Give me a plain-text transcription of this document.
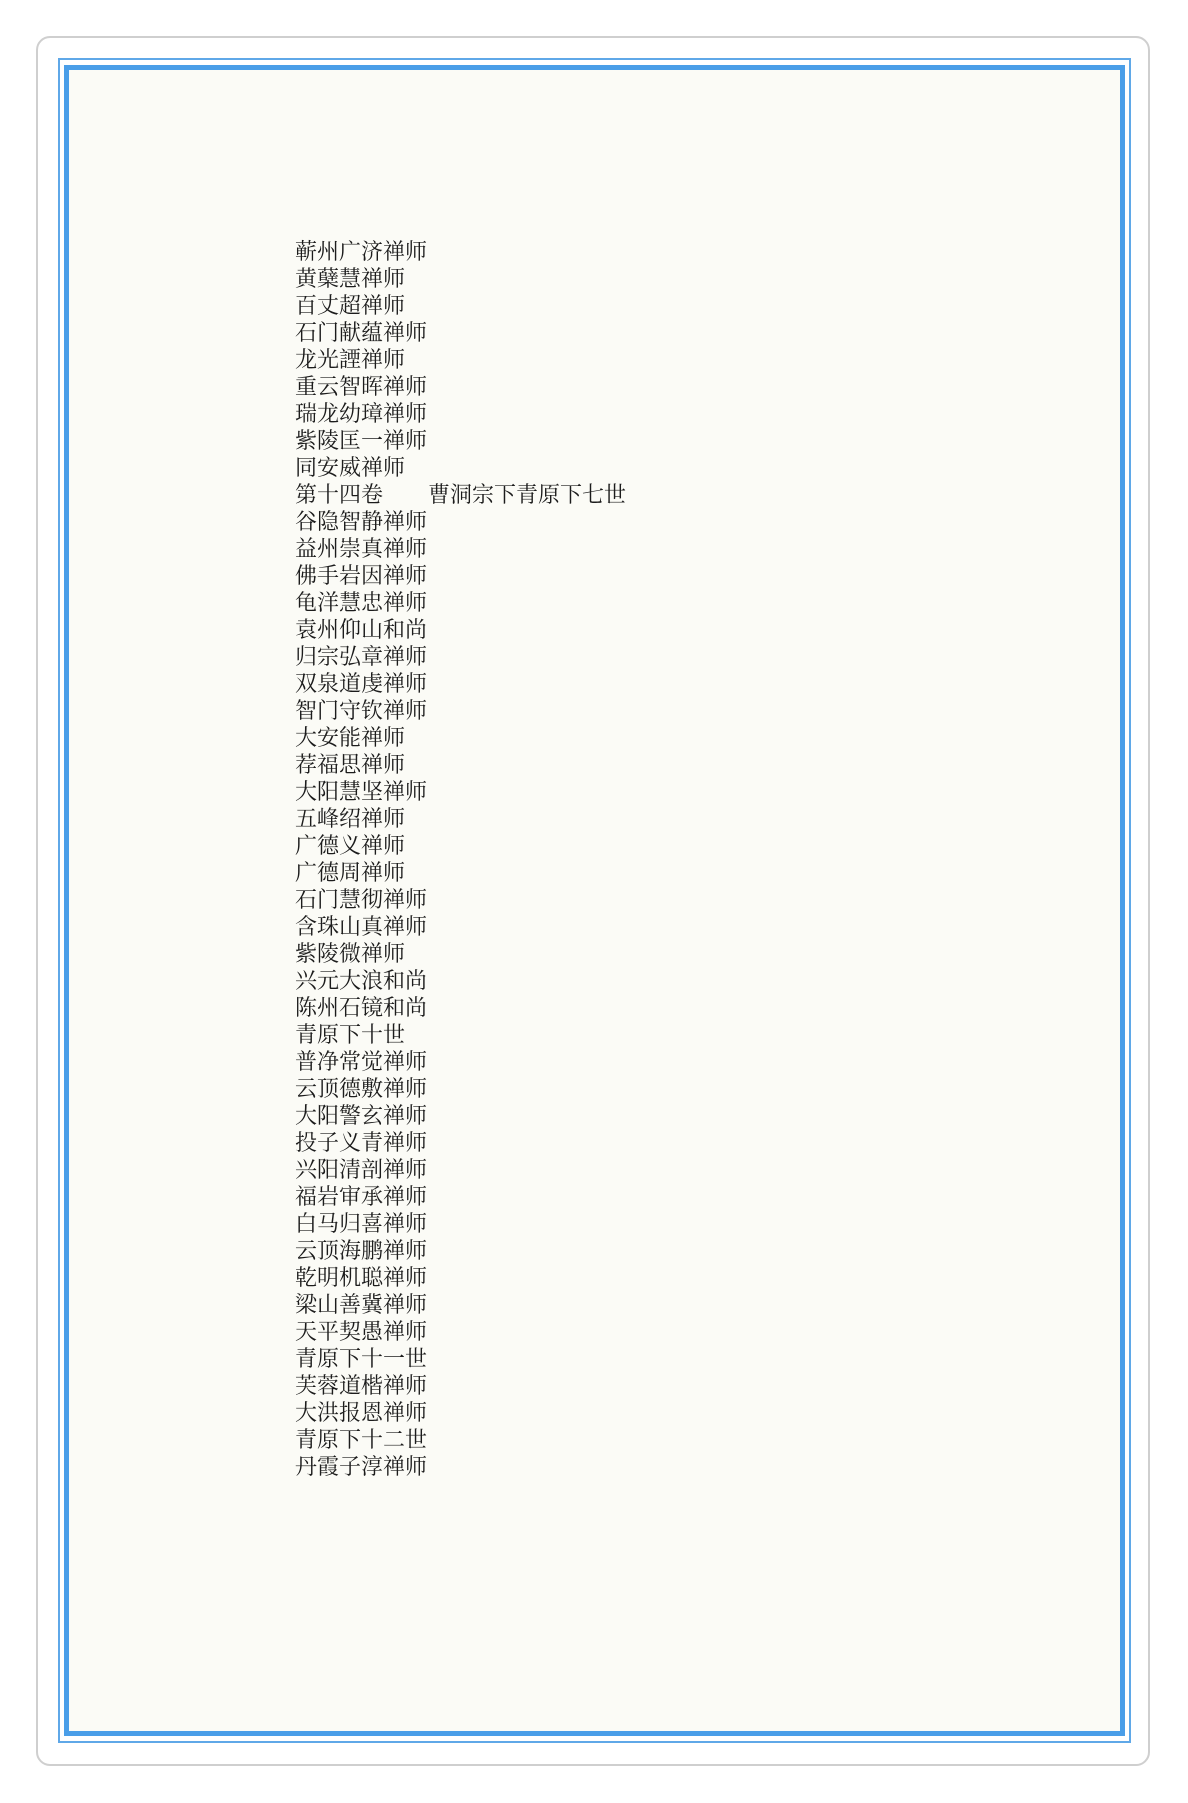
蕲州广济禅师
黄蘖慧禅师
百丈超禅师
石门献蕴禅师
龙光諲禅师
重云智晖禅师
瑞龙幼璋禅师
紫陵匡一禅师
同安威禅师
第十四卷 曹洞宗下青原下七世
谷隐智静禅师
益州崇真禅师
佛手岩因禅师
龟洋慧忠禅师
袁州仰山和尚
归宗弘章禅师
双泉道虔禅师
智门守钦禅师
大安能禅师
荐福思禅师
大阳慧坚禅师
五峰绍禅师
广德义禅师
广德周禅师
石门慧彻禅师
含珠山真禅师
紫陵微禅师
兴元大浪和尚
陈州石镜和尚
青原下十世
普净常觉禅师
云顶德敷禅师
大阳警玄禅师
投子义青禅师
兴阳清剖禅师
福岩审承禅师
白马归喜禅师
云顶海鹏禅师
乾明机聪禅师
梁山善冀禅师
天平契愚禅师
青原下十一世
芙蓉道楷禅师
大洪报恩禅师
青原下十二世
丹霞子淳禅师
